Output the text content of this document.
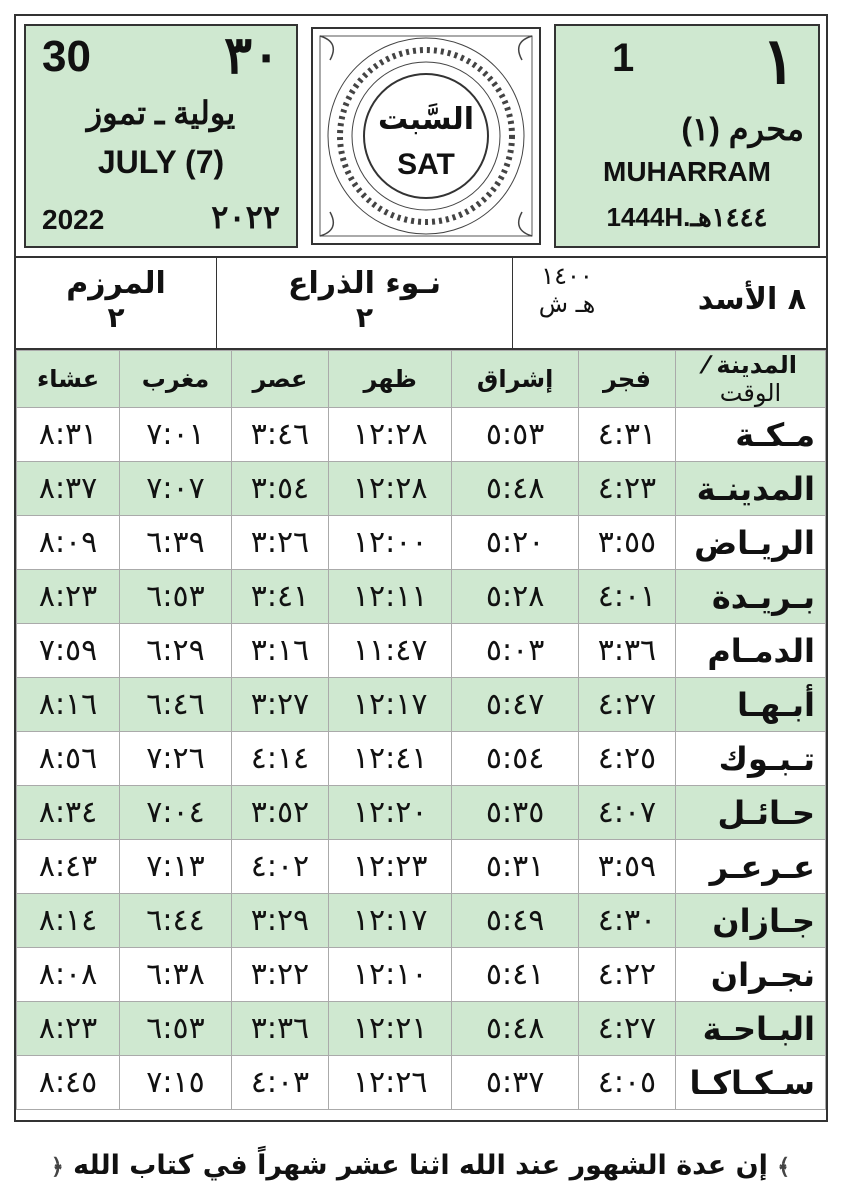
30	٣٠
يولية ـ تموز
JULY (7)
2022	٢٠٢٢
السَّبت
SAT
1 ١
محرم (١)
MUHARRAM
1444H.١٤٤٤هـ
المرزم
٢
نـوء الذراع
٢
١٤٠٠
هـ ش	٨ الأسد
المدينة ⁄ الوقت	فجر	إشراق	ظهر	عصر	مغرب	عشاء
مـكـة	٤:٣١	٥:٥٣	١٢:٢٨	٣:٤٦	٧:٠١	٨:٣١
المدينـة	٤:٢٣	٥:٤٨	١٢:٢٨	٣:٥٤	٧:٠٧	٨:٣٧
الريـاض	٣:٥٥	٥:٢٠	١٢:٠٠	٣:٢٦	٦:٣٩	٨:٠٩
بـريـدة	٤:٠١	٥:٢٨	١٢:١١	٣:٤١	٦:٥٣	٨:٢٣
الدمـام	٣:٣٦	٥:٠٣	١١:٤٧	٣:١٦	٦:٢٩	٧:٥٩
أبـهـا	٤:٢٧	٥:٤٧	١٢:١٧	٣:٢٧	٦:٤٦	٨:١٦
تـبـوك	٤:٢٥	٥:٥٤	١٢:٤١	٤:١٤	٧:٢٦	٨:٥٦
حـائـل	٤:٠٧	٥:٣٥	١٢:٢٠	٣:٥٢	٧:٠٤	٨:٣٤
عـرعـر	٣:٥٩	٥:٣١	١٢:٢٣	٤:٠٢	٧:١٣	٨:٤٣
جـازان	٤:٣٠	٥:٤٩	١٢:١٧	٣:٢٩	٦:٤٤	٨:١٤
نجـران	٤:٢٢	٥:٤١	١٢:١٠	٣:٢٢	٦:٣٨	٨:٠٨
البـاحـة	٤:٢٧	٥:٤٨	١٢:٢١	٣:٣٦	٦:٥٣	٨:٢٣
سـكـاكـا	٤:٠٥	٥:٣٧	١٢:٢٦	٤:٠٣	٧:١٥	٨:٤٥
﴾ إن عدة الشهور عند الله اثنا عشر شهراً في كتاب الله ﴿
